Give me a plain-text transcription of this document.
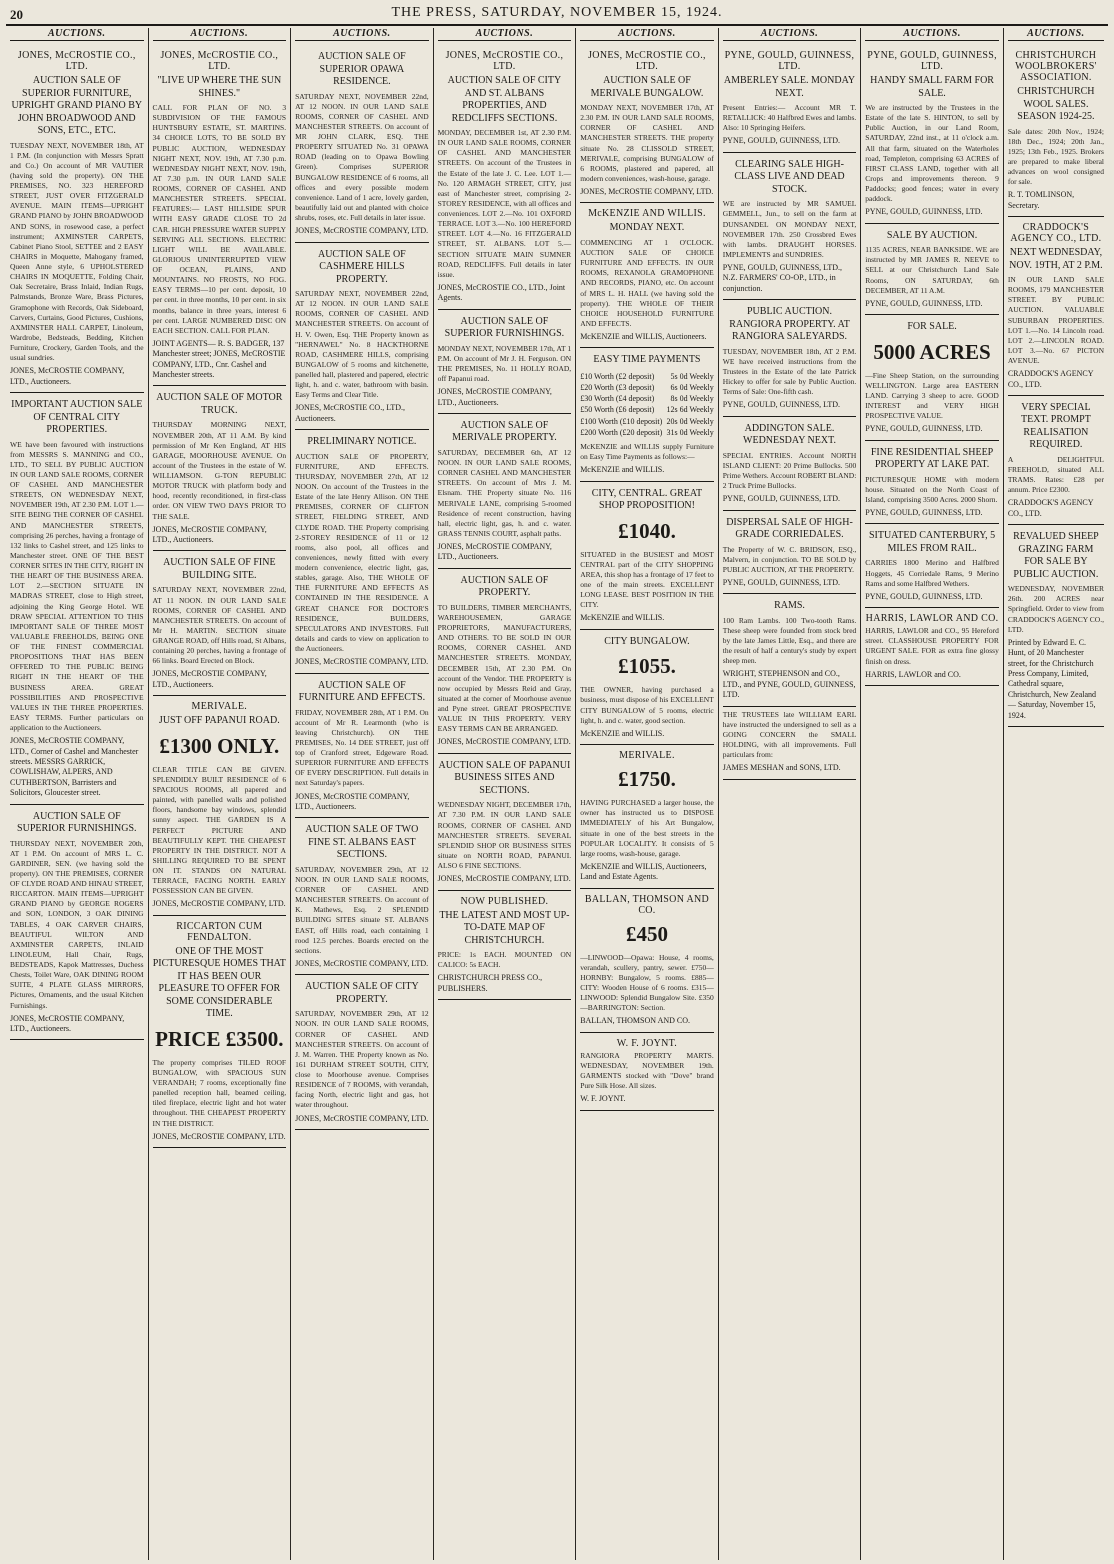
20	THE PRESS, SATURDAY, NOVEMBER 15, 1924.
AUCTIONS.
JONES, McCROSTIE CO., LTD.
AUCTION SALE OF SUPERIOR FURNITURE, UPRIGHT GRAND PIANO BY JOHN BROADWOOD AND SONS, ETC., ETC.
TUESDAY NEXT, NOVEMBER 18th, AT 1 P.M. (In conjunction with Messrs Spratt and Co.) On account of MR VAUTIER (having sold the property). ON THE PREMISES, NO. 323 HEREFORD STREET, JUST OVER FITZGERALD AVENUE. MAIN ITEMS—UPRIGHT GRAND PIANO by JOHN BROADWOOD AND SONS, in rosewood case, a perfect instrument; AXMINSTER CARPETS, Cabinet Piano Stool, SETTEE and 2 EASY CHAIRS in Moquette, Mahogany framed, Queen Anne style, 6 UPHOLSTERED CHAIRS IN MOQUETTE, Folding Chair, Oak Secretaire, Brass Inlaid, Indian Rugs, Palmstands, Bronze Ware, Brass Pictures, Gramophone with Records, Oak Sideboard, Carvers, Curtains, Good Pictures, Cushions, AXMINSTER HALL CARPET, Linoleum, Wardrobe, Bedsteads, Bedding, Kitchen Furniture, Crockery, Garden Tools, and the usual sundries.
JONES, McCROSTIE COMPANY, LTD., Auctioneers.
IMPORTANT AUCTION SALE OF CENTRAL CITY PROPERTIES.
WE have been favoured with instructions from MESSRS S. MANNING and CO., LTD., TO SELL BY PUBLIC AUCTION IN OUR LAND SALE ROOMS, CORNER OF CASHEL AND MANCHESTER STREETS, ON WEDNESDAY NEXT, NOVEMBER 19th, AT 2.30 P.M. LOT 1.—SITE BEING THE CORNER OF CASHEL AND MANCHESTER STREETS, comprising 26 perches, having a frontage of 132 links to Cashel street, and 125 links to Manchester street. ONE OF THE BEST CORNER SITES IN THE CITY, RIGHT IN THE HEART OF THE BUSINESS AREA. LOT 2.—SECTION SITUATE IN MADRAS STREET, close to High street, adjoining the King George Hotel. WE DRAW SPECIAL ATTENTION TO THIS IMPORTANT SALE OF THREE MOST VALUABLE FREEHOLDS, BEING ONE OF THE FINEST COMMERCIAL PROPOSITIONS THAT HAS BEEN OFFERED TO THE PUBLIC BEING RIGHT IN THE HEART OF THE BUSINESS AREA. GREAT POSSIBILITIES AND PROSPECTIVE VALUES IN THE THREE PROPERTIES. EASY TERMS. Further particulars on application to the Auctioneers.
JONES, McCROSTIE COMPANY, LTD., Corner of Cashel and Manchester streets. MESSRS GARRICK, COWLISHAW, ALPERS, AND CUTHBERTSON, Barristers and Solicitors, Gloucester street.
AUCTION SALE OF SUPERIOR FURNISHINGS.
THURSDAY NEXT, NOVEMBER 20th, AT 1 P.M. On account of MRS L. C. GARDINER, SEN. (we having sold the property). ON THE PREMISES, CORNER OF CLYDE ROAD AND HINAU STREET, RICCARTON. MAIN ITEMS—UPRIGHT GRAND PIANO by GEORGE ROGERS and SON, LONDON, 3 OAK DINING TABLES, 4 OAK CARVER CHAIRS, BEAUTIFUL WILTON AND AXMINSTER CARPETS, INLAID LINOLEUM, Hall Chair, Rugs, BEDSTEADS, Kapok Mattresses, Duchess Chests, Toilet Ware, OAK DINING ROOM SUITE, 4 PLATE GLASS MIRRORS, Pictures, Ornaments, and the usual Kitchen Furnishings.
JONES, McCROSTIE COMPANY, LTD., Auctioneers.
AUCTIONS.
JONES, McCROSTIE CO., LTD.
"LIVE UP WHERE THE SUN SHINES."
CALL FOR PLAN OF NO. 3 SUBDIVISION OF THE FAMOUS HUNTSBURY ESTATE, ST. MARTINS. 34 CHOICE LOTS, TO BE SOLD BY PUBLIC AUCTION, WEDNESDAY NIGHT NEXT, NOV. 19th, AT 7.30 p.m. WEDNESDAY NIGHT NEXT, NOV. 19th, AT 7.30 p.m. IN OUR LAND SALE ROOMS, CORNER OF CASHEL AND MANCHESTER STREETS. SPECIAL FEATURES:— LAST HILLSIDE SPUR WITH EASY GRADE CLOSE TO 2d CAR. HIGH PRESSURE WATER SUPPLY SERVING ALL SECTIONS. ELECTRIC LIGHT WILL BE AVAILABLE. GLORIOUS UNINTERRUPTED VIEW OF OCEAN, PLAINS, AND MOUNTAINS. NO FROSTS, NO FOG. EASY TERMS—10 per cent. deposit, 10 per cent. in three months, 10 per cent. in six months, balance in three years, interest 6 per cent. LARGE NUMBERED DISC ON EACH SECTION. CALL FOR PLAN.
JOINT AGENTS— R. S. BADGER, 137 Manchester street; JONES, McCROSTIE COMPANY, LTD., Cnr. Cashel and Manchester streets.
AUCTION SALE OF MOTOR TRUCK.
THURSDAY MORNING NEXT, NOVEMBER 20th, AT 11 A.M. By kind permission of Mr Ken England, AT HIS GARAGE, MOORHOUSE AVENUE. On account of the Trustees in the estate of W. WILLIAMSON. G-TON REPUBLIC MOTOR TRUCK with platform body and hood, recently reconditioned, in first-class order. ON VIEW TWO DAYS PRIOR TO THE SALE.
JONES, McCROSTIE COMPANY, LTD., Auctioneers.
AUCTION SALE OF FINE BUILDING SITE.
SATURDAY NEXT, NOVEMBER 22nd, AT 11 NOON. IN OUR LAND SALE ROOMS, CORNER OF CASHEL AND MANCHESTER STREETS. On account of Mr H. MARTIN. SECTION situate GRANGE ROAD, off Hills road, St Albans, containing 20 perches, having a frontage of 66 links. Board Erected on Block.
JONES, McCROSTIE COMPANY, LTD., Auctioneers.
MERIVALE.
JUST OFF PAPANUI ROAD.
£1300 ONLY.
CLEAR TITLE CAN BE GIVEN. SPLENDIDLY BUILT RESIDENCE of 6 SPACIOUS ROOMS, all papered and painted, with panelled walls and polished floors, handsome bay windows, splendid sunny aspect. THE GARDEN IS A PERFECT PICTURE AND BEAUTIFULLY KEPT. THE CHEAPEST PROPERTY IN THE DISTRICT. NOT A SHILLING REQUIRED TO BE SPENT ON IT. STANDS ON NATURAL TERRACE, FACING NORTH. EARLY POSSESSION CAN BE GIVEN.
JONES, McCROSTIE COMPANY, LTD.
RICCARTON CUM FENDALTON.
ONE OF THE MOST PICTURESQUE HOMES THAT IT HAS BEEN OUR PLEASURE TO OFFER FOR SOME CONSIDERABLE TIME.
PRICE £3500.
The property comprises TILED ROOF BUNGALOW, with SPACIOUS SUN VERANDAH; 7 rooms, exceptionally fine panelled reception hall, beamed ceiling, tiled fireplace, electric light and hot water throughout. THE CHEAPEST PROPERTY IN THE DISTRICT.
JONES, McCROSTIE COMPANY, LTD.
AUCTIONS.
AUCTION SALE OF SUPERIOR OPAWA RESIDENCE.
SATURDAY NEXT, NOVEMBER 22nd, AT 12 NOON. IN OUR LAND SALE ROOMS, CORNER OF CASHEL AND MANCHESTER STREETS. On account of MR JOHN CLARK, ESQ. THE PROPERTY SITUATED No. 31 OPAWA ROAD (leading on to Opawa Bowling Green). Comprises SUPERIOR BUNGALOW RESIDENCE of 6 rooms, all offices and every possible modern convenience. Land of 1 acre, lovely garden, beautifully laid out and planted with choice shrubs, roses, etc. Full details in later issue.
JONES, McCROSTIE COMPANY, LTD.
AUCTION SALE OF CASHMERE HILLS PROPERTY.
SATURDAY NEXT, NOVEMBER 22nd, AT 12 NOON. IN OUR LAND SALE ROOMS, CORNER OF CASHEL AND MANCHESTER STREETS. On account of H. V. Owen, Esq. THE Property known as "HERNAWEL" No. 8 HACKTHORNE ROAD, CASHMERE HILLS, comprising BUNGALOW of 5 rooms and kitchenette, panelled hall, plastered and papered, electric light, h. and c. water, bathroom with basin. Easy Terms and Clear Title.
JONES, McCROSTIE CO., LTD., Auctioneers.
PRELIMINARY NOTICE.
AUCTION SALE OF PROPERTY, FURNITURE, AND EFFECTS. THURSDAY, NOVEMBER 27th, AT 12 NOON. On account of the Trustees in the Estate of the late Henry Allison. ON THE PREMISES, CORNER OF CLIFTON STREET, FIELDING STREET, AND CLYDE ROAD. THE Property comprising 2-STOREY RESIDENCE of 11 or 12 rooms, also pool, all offices and conveniences, newly fitted with every modern convenience, electric light, gas, stables, garage. Also, THE WHOLE OF THE FURNITURE AND EFFECTS AS CONTAINED IN THE RESIDENCE. A GREAT CHANCE FOR DOCTOR'S RESIDENCE, BUILDERS, SPECULATORS AND INVESTORS. Full details and cards to view on application to the Auctioneers.
JONES, McCROSTIE COMPANY, LTD.
AUCTION SALE OF FURNITURE AND EFFECTS.
FRIDAY, NOVEMBER 28th, AT 1 P.M. On account of Mr R. Learmonth (who is leaving Christchurch). ON THE PREMISES, No. 14 DEE STREET, just off top of Cranford street, Edgeware Road. SUPERIOR FURNITURE AND EFFECTS OF EVERY DESCRIPTION. Full details in next Saturday's papers.
JONES, McCROSTIE COMPANY, LTD., Auctioneers.
AUCTION SALE OF TWO FINE ST. ALBANS EAST SECTIONS.
SATURDAY, NOVEMBER 29th, AT 12 NOON. IN OUR LAND SALE ROOMS, CORNER OF CASHEL AND MANCHESTER STREETS. On account of K. Mathews, Esq. 2 SPLENDID BUILDING SITES situate ST. ALBANS EAST, off Hills road, each containing 1 rood 12.5 perches. Boards erected on the sections.
JONES, McCROSTIE COMPANY, LTD.
AUCTION SALE OF CITY PROPERTY.
SATURDAY, NOVEMBER 29th, AT 12 NOON. IN OUR LAND SALE ROOMS, CORNER OF CASHEL AND MANCHESTER STREETS. On account of J. M. Warren. THE Property known as No. 161 DURHAM STREET SOUTH, CITY, close to Moorhouse avenue. Comprises RESIDENCE of 7 ROOMS, with verandah, facing North, electric light and gas, hot water throughout.
JONES, McCROSTIE COMPANY, LTD.
AUCTIONS.
JONES, McCROSTIE CO., LTD.
AUCTION SALE OF CITY AND ST. ALBANS PROPERTIES, AND REDCLIFFS SECTIONS.
MONDAY, DECEMBER 1st, AT 2.30 P.M. IN OUR LAND SALE ROOMS, CORNER OF CASHEL AND MANCHESTER STREETS. On account of the Trustees in the Estate of the late J. C. Lee. LOT 1.—No. 120 ARMAGH STREET, CITY, just east of Manchester street, comprising 2-STOREY RESIDENCE, with all offices and conveniences. LOT 2.—No. 101 OXFORD TERRACE. LOT 3.—No. 100 HEREFORD STREET. LOT 4.—No. 16 FITZGERALD STREET, ST. ALBANS. LOT 5.—SECTION SITUATE MAIN SUMNER ROAD, REDCLIFFS. Full details in later issue.
JONES, McCROSTIE CO., LTD., Joint Agents.
AUCTION SALE OF SUPERIOR FURNISHINGS.
MONDAY NEXT, NOVEMBER 17th, AT 1 P.M. On account of Mr J. H. Ferguson. ON THE PREMISES, No. 11 HOLLY ROAD, off Papanui road.
JONES, McCROSTIE COMPANY, LTD., Auctioneers.
AUCTION SALE OF MERIVALE PROPERTY.
SATURDAY, DECEMBER 6th, AT 12 NOON. IN OUR LAND SALE ROOMS, CORNER CASHEL AND MANCHESTER STREETS. On account of Mrs J. M. Elsnam. THE Property situate No. 116 MERIVALE LANE, comprising 5-roomed Residence of recent construction, having hall, electric light, gas, h. and c. water. GRASS TENNIS COURT, asphalt paths.
JONES, McCROSTIE COMPANY, LTD., Auctioneers.
AUCTION SALE OF PROPERTY.
TO BUILDERS, TIMBER MERCHANTS, WAREHOUSEMEN, GARAGE PROPRIETORS, MANUFACTURERS, AND OTHERS. TO BE SOLD IN OUR ROOMS, CORNER CASHEL AND MANCHESTER STREETS. MONDAY, DECEMBER 15th, AT 2.30 P.M. On account of the Vendor. THE PROPERTY is now occupied by Messrs Reid and Gray, situated at the corner of Moorhouse avenue and Pyne street. GREAT PROSPECTIVE VALUE IN THIS PROPERTY. VERY EASY TERMS CAN BE ARRANGED.
JONES, McCROSTIE COMPANY, LTD.
AUCTION SALE OF PAPANUI BUSINESS SITES AND SECTIONS.
WEDNESDAY NIGHT, DECEMBER 17th, AT 7.30 P.M. IN OUR LAND SALE ROOMS, CORNER OF CASHEL AND MANCHESTER STREETS. SEVERAL SPLENDID SHOP OR BUSINESS SITES situate on NORTH ROAD, PAPANUI. ALSO 6 FINE SECTIONS.
JONES, McCROSTIE COMPANY, LTD.
NOW PUBLISHED.
THE LATEST AND MOST UP-TO-DATE MAP OF CHRISTCHURCH.
PRICE: 1s EACH. MOUNTED ON CALICO: 5s EACH.
CHRISTCHURCH PRESS CO., PUBLISHERS.
AUCTIONS.
JONES, McCROSTIE CO., LTD.
AUCTION SALE OF MERIVALE BUNGALOW.
MONDAY NEXT, NOVEMBER 17th, AT 2.30 P.M. IN OUR LAND SALE ROOMS, CORNER OF CASHEL AND MANCHESTER STREETS. THE property situate No. 28 CLISSOLD STREET, MERIVALE, comprising BUNGALOW of 6 ROOMS, plastered and papered, all modern conveniences, wash-house, garage.
JONES, McCROSTIE COMPANY, LTD.
McKENZIE AND WILLIS.
MONDAY NEXT.
COMMENCING AT 1 O'CLOCK. AUCTION SALE OF CHOICE FURNITURE AND EFFECTS. IN OUR ROOMS, REXANOLA GRAMOPHONE AND RECORDS, PIANO, etc. On account of MRS L. H. HALL (we having sold the property). THE WHOLE OF THEIR CHOICE HOUSEHOLD FURNITURE AND EFFECTS.
McKENZIE and WILLIS, Auctioneers.
EASY TIME PAYMENTS
£10 Worth (£2 deposit) 5s 0d Weekly
£20 Worth (£3 deposit) 6s 0d Weekly
£30 Worth (£4 deposit) 8s 0d Weekly
£50 Worth (£6 deposit) 12s 6d Weekly
£100 Worth (£10 deposit) 20s 0d Weekly
£200 Worth (£20 deposit) 31s 0d Weekly
McKENZIE and WILLIS supply Furniture on Easy Time Payments as follows:—
McKENZIE and WILLIS.
CITY, CENTRAL. GREAT SHOP PROPOSITION!
£1040.
SITUATED in the BUSIEST and MOST CENTRAL part of the CITY SHOPPING AREA, this shop has a frontage of 17 feet to one of the main streets. EXCELLENT LONG LEASE. BEST POSITION IN THE CITY.
McKENZIE and WILLIS.
CITY BUNGALOW.
£1055.
THE OWNER, having purchased a business, must dispose of his EXCELLENT CITY BUNGALOW of 5 rooms, electric light, h. and c. water, good section.
McKENZIE and WILLIS.
MERIVALE.
£1750.
HAVING PURCHASED a larger house, the owner has instructed us to DISPOSE IMMEDIATELY of his Art Bungalow, situate in one of the best streets in the POPULAR LOCALITY. It consists of 5 large rooms, wash-house, garage.
McKENZIE and WILLIS, Auctioneers, Land and Estate Agents.
BALLAN, THOMSON AND CO.
£450
—LINWOOD—Opawa: House, 4 rooms, verandah, scullery, pantry, sewer. £750—HORNBY: Bungalow, 5 rooms. £885—CITY: Wooden House of 6 rooms. £315—LINWOOD: Splendid Bungalow Site. £350—BARRINGTON: Section.
BALLAN, THOMSON AND CO.
W. F. JOYNT.
RANGIORA PROPERTY MARTS. WEDNESDAY, NOVEMBER 19th. GARMENTS stocked with "Dove" brand Pure Silk Hose. All sizes.
W. F. JOYNT.
AUCTIONS.
PYNE, GOULD, GUINNESS, LTD.
AMBERLEY SALE. MONDAY NEXT.
Present Entries:— Account MR T. RETALLICK: 40 Halfbred Ewes and lambs. Also: 10 Springing Heifers.
PYNE, GOULD, GUINNESS, LTD.
CLEARING SALE HIGH-CLASS LIVE AND DEAD STOCK.
WE are instructed by MR SAMUEL GEMMELL, Jun., to sell on the farm at DUNSANDEL ON MONDAY NEXT, NOVEMBER 17th. 250 Crossbred Ewes with lambs. DRAUGHT HORSES. IMPLEMENTS and SUNDRIES.
PYNE, GOULD, GUINNESS, LTD., N.Z. FARMERS' CO-OP., LTD., in conjunction.
PUBLIC AUCTION. RANGIORA PROPERTY. AT RANGIORA SALEYARDS.
TUESDAY, NOVEMBER 18th, AT 2 P.M. WE have received instructions from the Trustees in the Estate of the late Patrick Hickey to offer for sale by Public Auction. Terms of Sale: One-fifth cash.
PYNE, GOULD, GUINNESS, LTD.
ADDINGTON SALE. WEDNESDAY NEXT.
SPECIAL ENTRIES. Account NORTH ISLAND CLIENT: 20 Prime Bullocks. 500 Prime Wethers. Account ROBERT BLAND: 2 Truck Prime Bullocks.
PYNE, GOULD, GUINNESS, LTD.
DISPERSAL SALE OF HIGH-GRADE CORRIEDALES.
The Property of W. C. BRIDSON, ESQ., Malvern, in conjunction. TO BE SOLD by PUBLIC AUCTION, AT THE PROPERTY.
PYNE, GOULD, GUINNESS, LTD.
RAMS.
100 Ram Lambs. 100 Two-tooth Rams. These sheep were founded from stock bred by the late James Little, Esq., and there are the result of half a century's study by expert sheep men.
WRIGHT, STEPHENSON and CO., LTD., and PYNE, GOULD, GUINNESS, LTD.
THE TRUSTEES late WILLIAM EARL have instructed the undersigned to sell as a GOING CONCERN the SMALL HOLDING, with all improvements. Full particulars from:
JAMES MESHAN and SONS, LTD.
AUCTIONS.
PYNE, GOULD, GUINNESS, LTD.
HANDY SMALL FARM FOR SALE.
We are instructed by the Trustees in the Estate of the late S. HINTON, to sell by Public Auction, in our Land Room, SATURDAY, 22nd inst., at 11 o'clock a.m. All that farm, situated on the Waterholes road, Templeton, comprising 63 ACRES of FIRST CLASS LAND, together with all Crops and improvements thereon. 9 Paddocks; good fences; water in every paddock.
PYNE, GOULD, GUINNESS, LTD.
SALE BY AUCTION.
1135 ACRES, NEAR BANKSIDE. WE are instructed by MR JAMES R. NEEVE to SELL at our Christchurch Land Sale Rooms, ON SATURDAY, 6th DECEMBER, AT 11 A.M.
PYNE, GOULD, GUINNESS, LTD.
FOR SALE.
5000 ACRES
—Fine Sheep Station, on the surrounding WELLINGTON. Large area EASTERN LAND. Carrying 3 sheep to acre. GOOD INTEREST and VERY HIGH PROSPECTIVE VALUE.
PYNE, GOULD, GUINNESS, LTD.
FINE RESIDENTIAL SHEEP PROPERTY AT LAKE PAT.
PICTURESQUE HOME with modern house. Situated on the North Coast of Island, comprising 3500 Acres. 2000 Shorn.
PYNE, GOULD, GUINNESS, LTD.
SITUATED CANTERBURY, 5 MILES FROM RAIL.
CARRIES 1800 Merino and Halfbred Hoggets, 45 Corriedale Rams, 9 Merino Rams and some Halfbred Wethers.
PYNE, GOULD, GUINNESS, LTD.
HARRIS, LAWLOR AND CO.
HARRIS, LAWLOR and CO., 95 Hereford street. CLASSHOUSE PROPERTY FOR URGENT SALE. FOR as extra fine glossy finish on dress.
HARRIS, LAWLOR and CO.
AUCTIONS.
CHRISTCHURCH WOOLBROKERS' ASSOCIATION.
CHRISTCHURCH WOOL SALES. SEASON 1924-25.
Sale dates: 20th Nov., 1924; 18th Dec., 1924; 20th Jan., 1925; 13th Feb., 1925. Brokers are prepared to make liberal advances on wool consigned for sale.
R. T. TOMLINSON, Secretary.
CRADDOCK'S AGENCY CO., LTD.
NEXT WEDNESDAY, NOV. 19TH, AT 2 P.M.
IN OUR LAND SALE ROOMS, 179 MANCHESTER STREET. BY PUBLIC AUCTION. VALUABLE SUBURBAN PROPERTIES. LOT 1.—No. 14 Lincoln road. LOT 2.—LINCOLN ROAD. LOT 3.—No. 67 PICTON AVENUE.
CRADDOCK'S AGENCY CO., LTD.
VERY SPECIAL TEXT. PROMPT REALISATION REQUIRED.
A DELIGHTFUL FREEHOLD, situated ALL TRAMS. Rates: £28 per annum. Price £2300.
CRADDOCK'S AGENCY CO., LTD.
REVALUED SHEEP GRAZING FARM FOR SALE BY PUBLIC AUCTION.
WEDNESDAY, NOVEMBER 26th. 200 ACRES near Springfield. Order to view from CRADDOCK'S AGENCY CO., LTD.
Printed by Edward E. C. Hunt, of 20 Manchester street, for the Christchurch Press Company, Limited, Cathedral square, Christchurch, New Zealand — Saturday, November 15, 1924.
